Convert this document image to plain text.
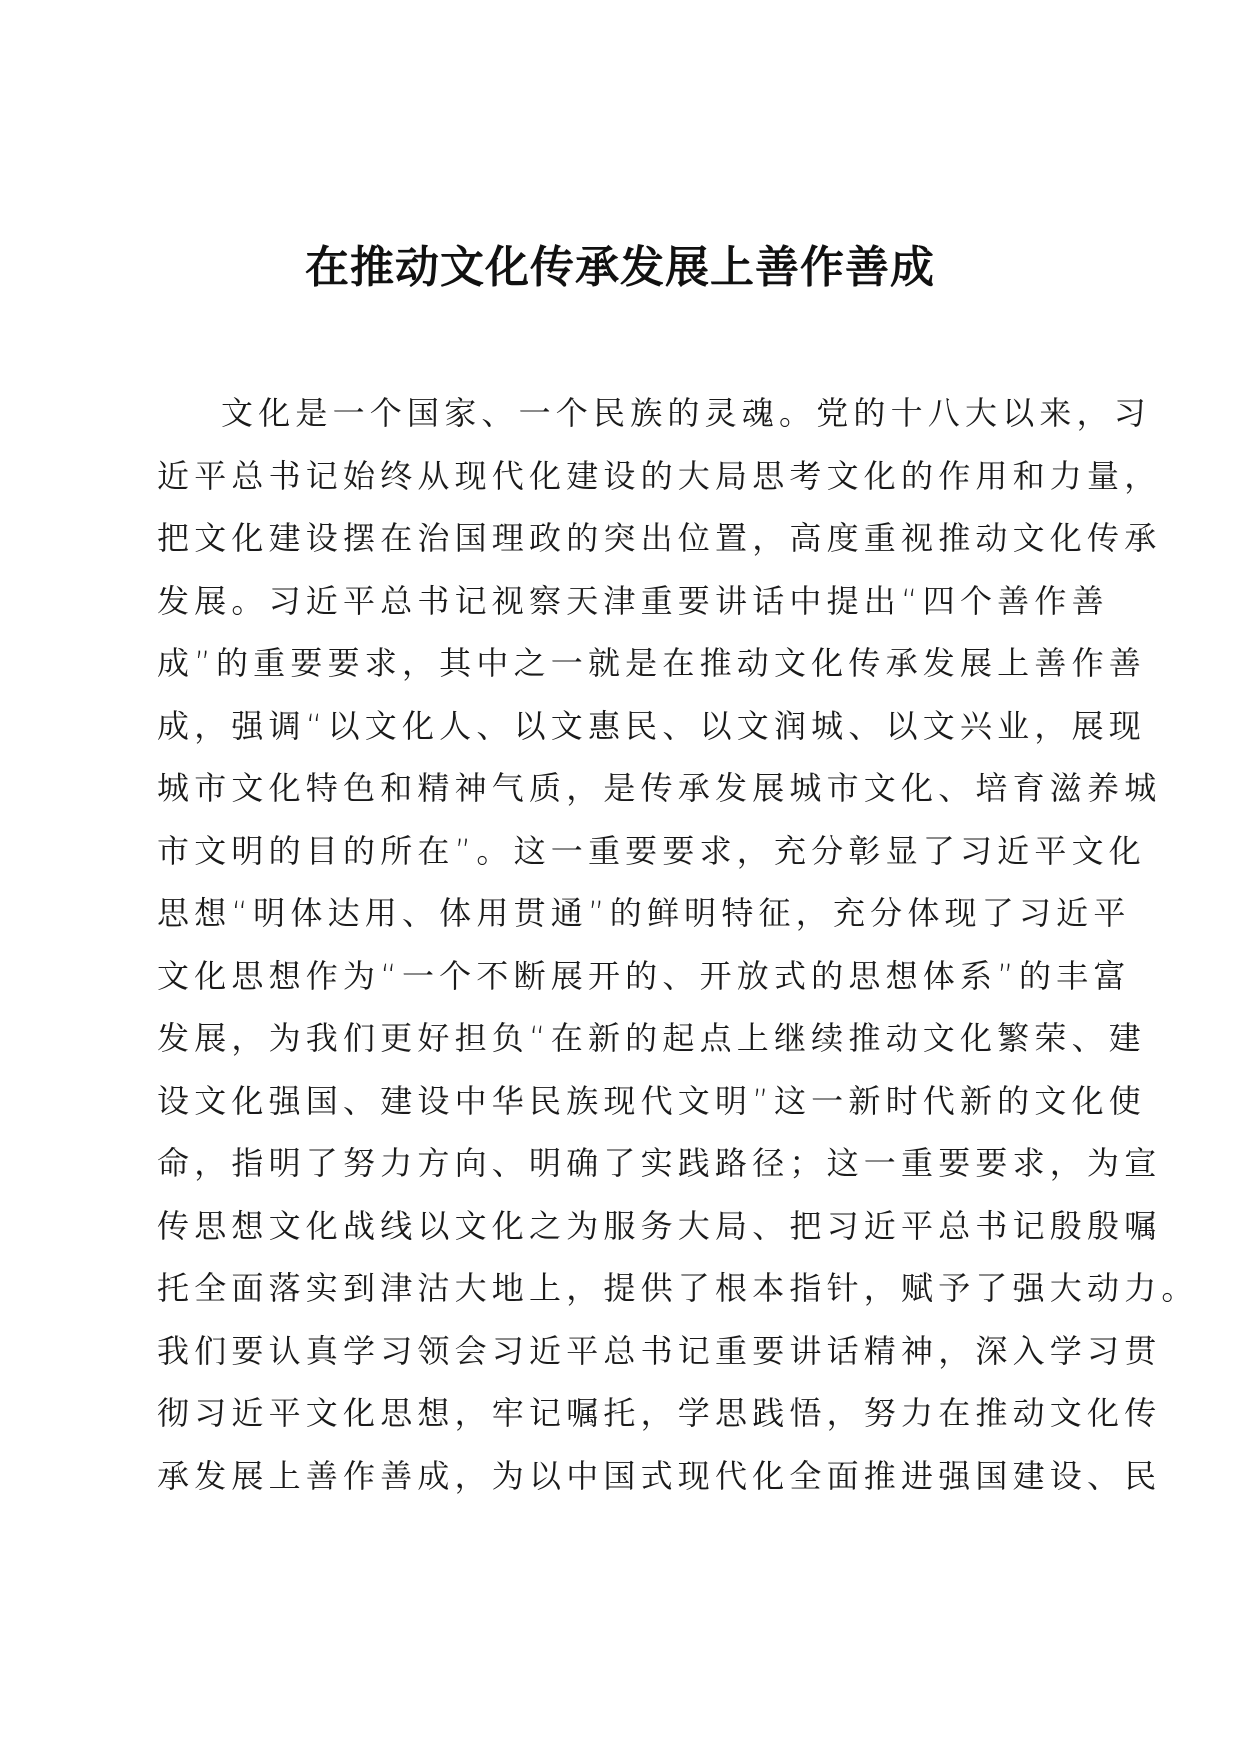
在推动文化传承发展上善作善成
文化是一个国家、一个民族的灵魂。党的十八大以来，习
近平总书记始终从现代化建设的大局思考文化的作用和力量，
把文化建设摆在治国理政的突出位置，高度重视推动文化传承
发展。习近平总书记视察天津重要讲话中提出“四个善作善
成”的重要要求，其中之一就是在推动文化传承发展上善作善
成，强调“以文化人、以文惠民、以文润城、以文兴业，展现
城市文化特色和精神气质，是传承发展城市文化、培育滋养城
市文明的目的所在”。这一重要要求，充分彰显了习近平文化
思想“明体达用、体用贯通”的鲜明特征，充分体现了习近平
文化思想作为“一个不断展开的、开放式的思想体系”的丰富
发展，为我们更好担负“在新的起点上继续推动文化繁荣、建
设文化强国、建设中华民族现代文明”这一新时代新的文化使
命，指明了努力方向、明确了实践路径；这一重要要求，为宣
传思想文化战线以文化之为服务大局、把习近平总书记殷殷嘱
托全面落实到津沽大地上，提供了根本指针，赋予了强大动力。
我们要认真学习领会习近平总书记重要讲话精神，深入学习贯
彻习近平文化思想，牢记嘱托，学思践悟，努力在推动文化传
承发展上善作善成，为以中国式现代化全面推进强国建设、民
